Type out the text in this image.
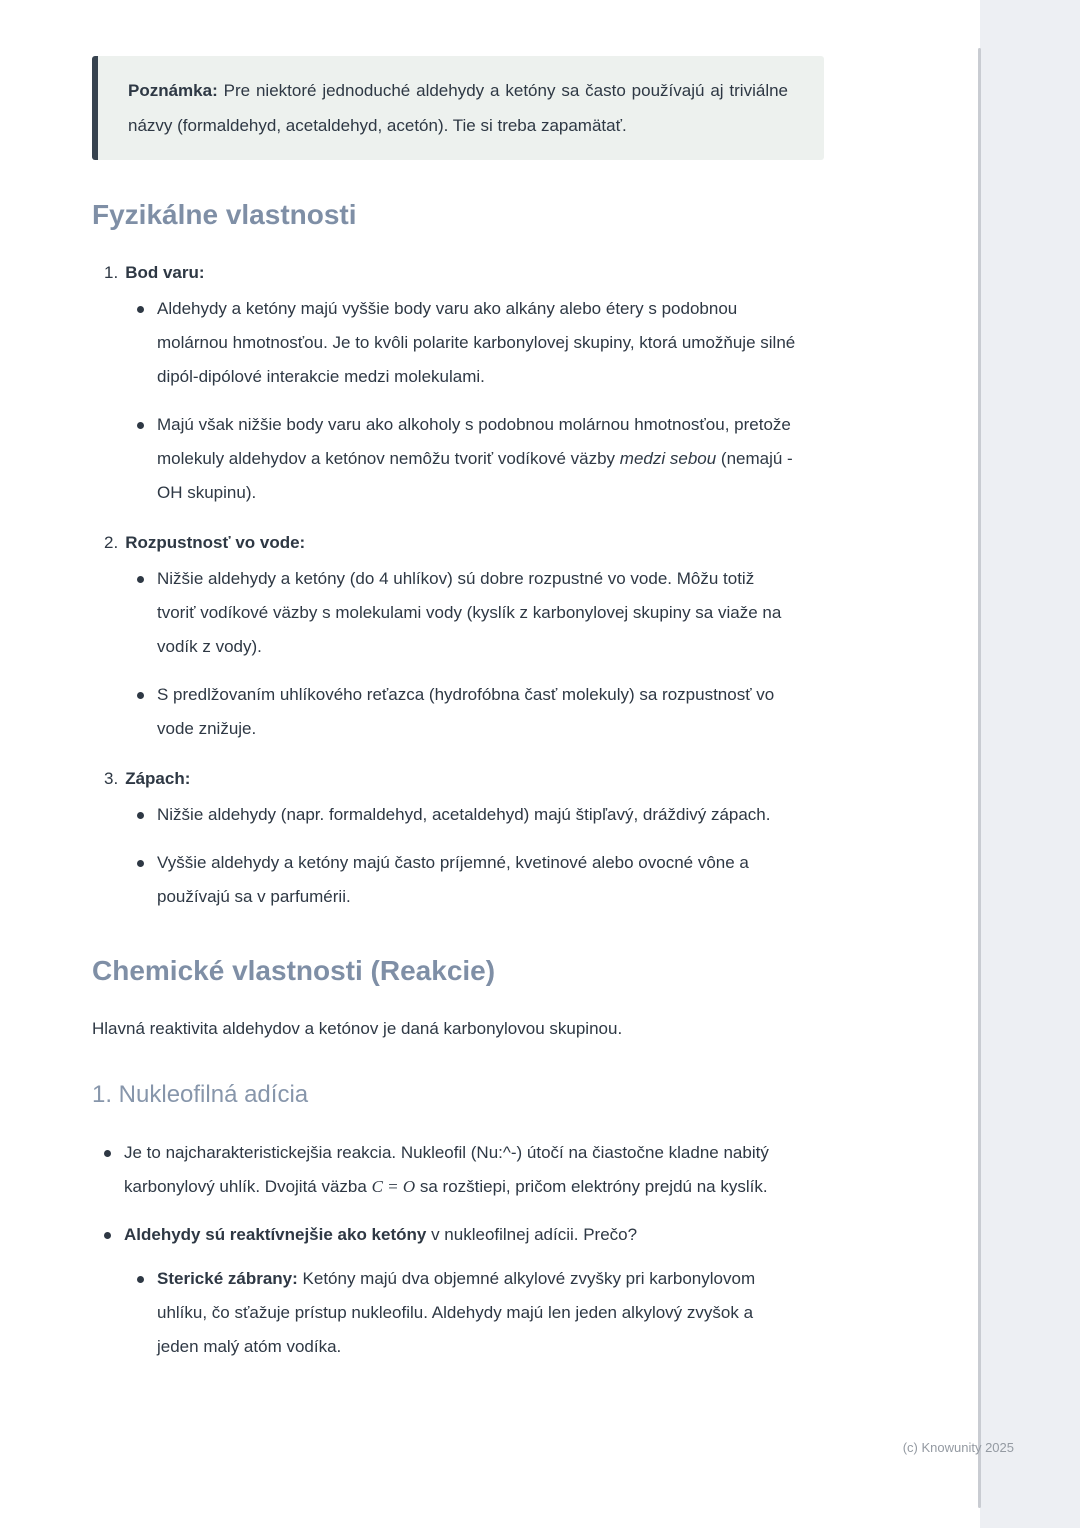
(c) Knowunity 2025

Poznámka: Pre niektoré jednoduché aldehydy a ketóny sa často používajú aj triviálne názvy (formaldehyd, acetaldehyd, acetón). Tie si treba zapamätať.

Fyzikálne vlastnosti
1. Bod varu:

Aldehydy a ketóny majú vyššie body varu ako alkány alebo étery s podobnou molárnou hmotnosťou. Je to kvôli polarite karbonylovej skupiny, ktorá umožňuje silné dipól-dipólové interakcie medzi molekulami.

Majú však nižšie body varu ako alkoholy s podobnou molárnou hmotnosťou, pretože molekuly aldehydov a ketónov nemôžu tvoriť vodíkové väzby medzi sebou (nemajú -OH skupinu).

2. Rozpustnosť vo vode:

Nižšie aldehydy a ketóny (do 4 uhlíkov) sú dobre rozpustné vo vode. Môžu totiž tvoriť vodíkové väzby s molekulami vody (kyslík z karbonylovej skupiny sa viaže na vodík z vody).

S predlžovaním uhlíkového reťazca (hydrofóbna časť molekuly) sa rozpustnosť vo vode znižuje.

3. Zápach:

Nižšie aldehydy (napr. formaldehyd, acetaldehyd) majú štipľavý, dráždivý zápach.

Vyššie aldehydy a ketóny majú často príjemné, kvetinové alebo ovocné vône a používajú sa v parfumérii.

Chemické vlastnosti (Reakcie)

Hlavná reaktivita aldehydov a ketónov je daná karbonylovou skupinou.

1. Nukleofilná adícia

Je to najcharakteristickejšia reakcia. Nukleofil (Nu:^-) útočí na čiastočne kladne nabitý karbonylový uhlík. Dvojitá väzba C = O sa rozštiepi, pričom elektróny prejdú na kyslík.

Aldehydy sú reaktívnejšie ako ketóny v nukleofilnej adícii. Prečo?

Sterické zábrany: Ketóny majú dva objemné alkylové zvyšky pri karbonylovom uhlíku, čo sťažuje prístup nukleofilu. Aldehydy majú len jeden alkylový zvyšok a jeden malý atóm vodíka.
